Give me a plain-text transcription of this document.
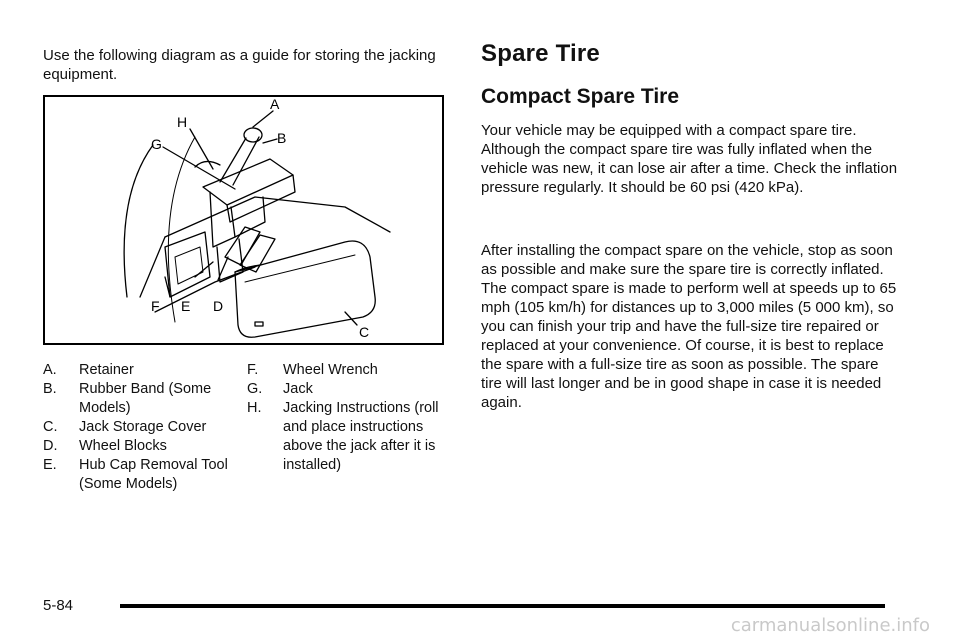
Use the following diagram as a guide for storing the jacking equipment.

A
B
C
D
E
F
G
H
A. Retainer
B. Rubber Band (Some Models)
C. Jack Storage Cover
D. Wheel Blocks
E. Hub Cap Removal Tool (Some Models)
F. Wheel Wrench
G. Jack
H. Jacking Instructions (roll and place instructions above the jack after it is installed)
Spare Tire
Compact Spare Tire

Your vehicle may be equipped with a compact spare tire. Although the compact spare tire was fully inflated when the vehicle was new, it can lose air after a time. Check the inflation pressure regularly. It should be 60 psi (420 kPa).

After installing the compact spare on the vehicle, stop as soon as possible and make sure the spare tire is correctly inflated. The compact spare is made to perform well at speeds up to 65 mph (105 km/h) for distances up to 3,000 miles (5 000 km), so you can finish your trip and have the full-size tire repaired or replaced at your convenience. Of course, it is best to replace the spare with a full-size tire as soon as possible. The spare tire will last longer and be in good shape in case it is needed again.

5-84
carmanualsonline.info
